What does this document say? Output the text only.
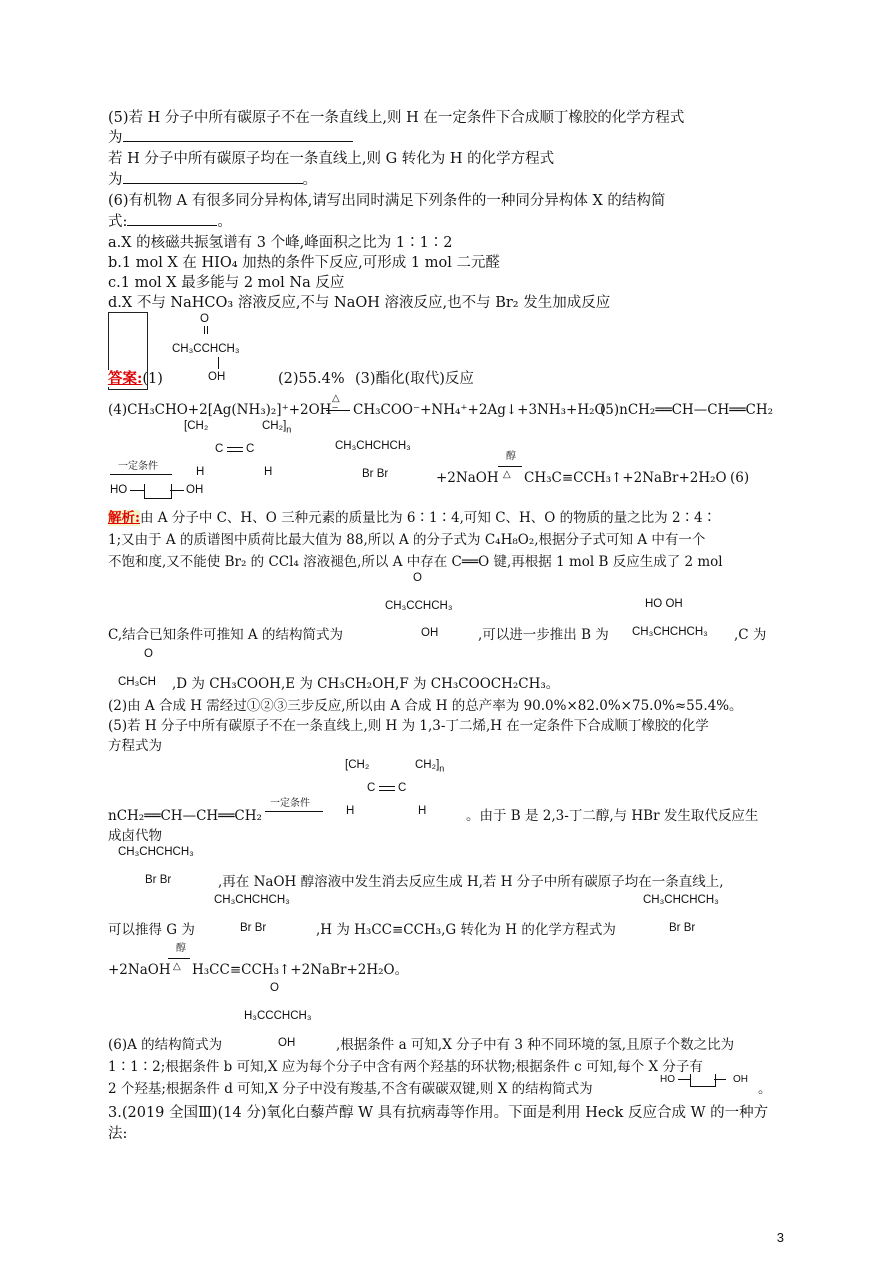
(5)若 H 分子中所有碳原子不在一条直线上,则 H 在一定条件下合成顺丁橡胶的化学方程式
为
若 H 分子中所有碳原子均在一条直线上,则 G 转化为 H 的化学方程式
为	。
(6)有机物 A 有很多同分异构体,请写出同时满足下列条件的一种同分异构体 X 的结构简
式:	。
a.X 的核磁共振氢谱有 3 个峰,峰面积之比为 1∶1∶2
b.1 mol X 在 HIO₄ 加热的条件下反应,可形成 1 mol 二元醛
c.1 mol X 最多能与 2 mol Na 反应
d.X 不与 NaHCO₃ 溶液反应,不与 NaOH 溶液反应,也不与 Br₂ 发生加成反应
答案:(1)
O
CH₃CCHCH₃
OH	(2)55.4% (3)酯化(取代)反应
(4)CH₃CHO+2[Ag(NH₃)₂]⁺+2OH⁻
△
CH₃COO⁻+NH₄⁺+2Ag↓+3NH₃+H₂O
(5)nCH₂══CH—CH══CH₂
[CH₂	$CH_2]_n$
C C
H	H
一定条件
CH₃CHCHCH₃
Br Br	+2NaOH
醇
△ CH₃C≡CCH₃↑+2NaBr+2H₂O (6)
HO	OH
解析:由 A 分子中 C、H、O 三种元素的质量比为 6∶1∶4,可知 C、H、O 的物质的量之比为 2∶4∶
1;又由于 A 的质谱图中质荷比最大值为 88,所以 A 的分子式为 C₄H₈O₂,根据分子式可知 A 中有一个
不饱和度,又不能使 Br₂ 的 CCl₄ 溶液褪色,所以 A 中存在 C══O 键,再根据 1 mol B 反应生成了 2 mol
O
CH₃CCHCH₃
OH
HO OH
CH₃CHCHCH₃
C,结合已知条件可推知 A 的结构简式为	,可以进一步推出 B 为	,C 为
O
CH₃CH ,D 为 CH₃COOH,E 为 CH₃CH₂OH,F 为 CH₃COOCH₂CH₃。
(2)由 A 合成 H 需经过①②③三步反应,所以由 A 合成 H 的总产率为 90.0%×82.0%×75.0%≈55.4%。
(5)若 H 分子中所有碳原子不在一条直线上,则 H 为 1,3-丁二烯,H 在一定条件下合成顺丁橡胶的化学
方程式为
[CH₂	$CH_2]_n$
C C
H	H
nCH₂══CH—CH══CH₂
一定条件
。由于 B 是 2,3-丁二醇,与 HBr 发生取代反应生
成卤代物
CH₃CHCHCH₃
Br Br	,再在 NaOH 醇溶液中发生消去反应生成 H,若 H 分子中所有碳原子均在一条直线上,
CH₃CHCHCH₃
Br Br
CH₃CHCHCH₃
Br Br
可以推得 G 为	,H 为 H₃CC≡CCH₃,G 转化为 H 的化学方程式为
+2NaOH
醇
△ H₃CC≡CCH₃↑+2NaBr+2H₂O。
O
H₃CCCHCH₃
OH
(6)A 的结构简式为	,根据条件 a 可知,X 分子中有 3 种不同环境的氢,且原子个数之比为
1∶1∶2;根据条件 b 可知,X 应为每个分子中含有两个羟基的环状物;根据条件 c 可知,每个 X 分子有
2 个羟基;根据条件 d 可知,X 分子中没有羧基,不含有碳碳双键,则 X 的结构简式为
HO	OH
。
3.(2019 全国Ⅲ)(14 分)氧化白藜芦醇 W 具有抗病毒等作用。下面是利用 Heck 反应合成 W 的一种方
法:
3
